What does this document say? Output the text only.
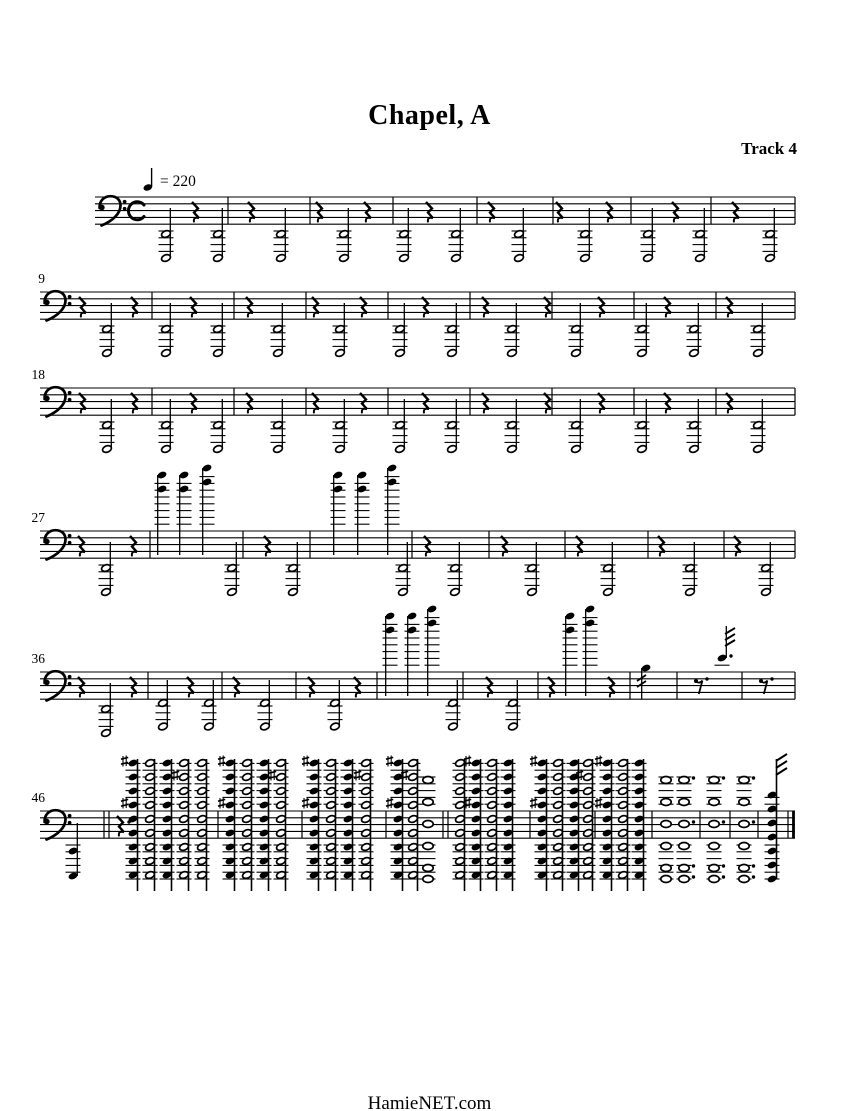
Chapel, A
Track 4
= 220
9
18
27
36
46
HamieNET.com
